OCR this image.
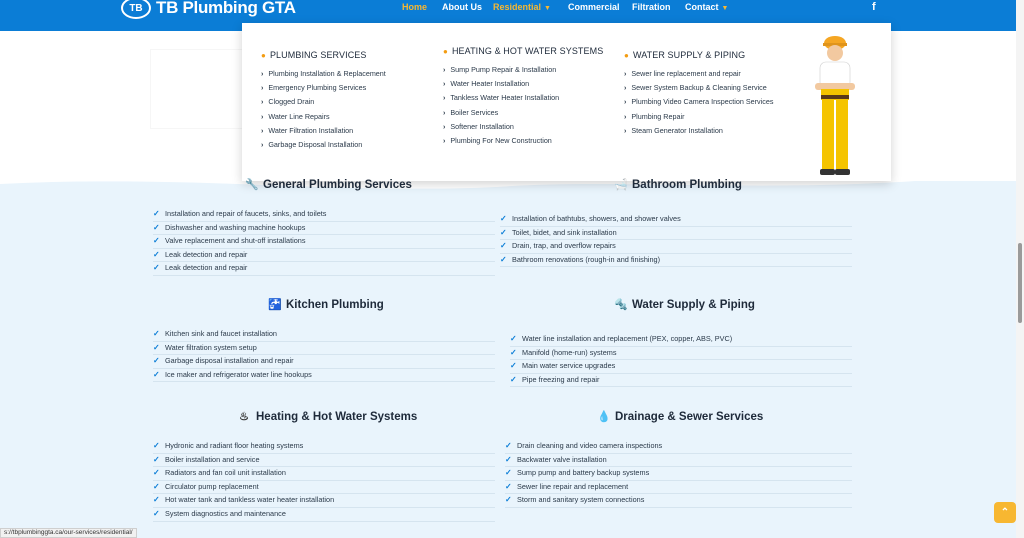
TB TB Plumbing GTA	Home About Us Residential ▼ Commercial Filtration Contact ▼	f
● PLUMBING SERVICES
› Plumbing Installation & Replacement
› Emergency Plumbing Services
› Clogged Drain
› Water Line Repairs
› Water Filtration Installation
› Garbage Disposal Installation
● HEATING & HOT WATER SYSTEMS
› Sump Pump Repair & Installation
› Water Heater Installation
› Tankless Water Heater Installation
› Boiler Services
› Softener Installation
› Plumbing For New Construction
● WATER SUPPLY & PIPING
› Sewer line replacement and repair
› Sewer System Backup & Cleaning Service
› Plumbing Video Camera Inspection Services
› Plumbing Repair
› Steam Generator Installation
🔧 General Plumbing Services
✓ Installation and repair of faucets, sinks, and toilets
✓ Dishwasher and washing machine hookups
✓ Valve replacement and shut-off installations
✓ Leak detection and repair
✓ Leak detection and repair
🛁 Bathroom Plumbing
✓ Installation of bathtubs, showers, and shower valves
✓ Toilet, bidet, and sink installation
✓ Drain, trap, and overflow repairs
✓ Bathroom renovations (rough-in and finishing)
🚰 Kitchen Plumbing
✓ Kitchen sink and faucet installation
✓ Water filtration system setup
✓ Garbage disposal installation and repair
✓ Ice maker and refrigerator water line hookups
🔩 Water Supply & Piping
✓ Water line installation and replacement (PEX, copper, ABS, PVC)
✓ Manifold (home-run) systems
✓ Main water service upgrades
✓ Pipe freezing and repair
♨ Heating & Hot Water Systems
✓ Hydronic and radiant floor heating systems
✓ Boiler installation and service
✓ Radiators and fan coil unit installation
✓ Circulator pump replacement
✓ Hot water tank and tankless water heater installation
✓ System diagnostics and maintenance
💧 Drainage & Sewer Services
✓ Drain cleaning and video camera inspections
✓ Backwater valve installation
✓ Sump pump and battery backup systems
✓ Sewer line repair and replacement
✓ Storm and sanitary system connections
s://tbplumbinggta.ca/our-services/residential/
⌃
